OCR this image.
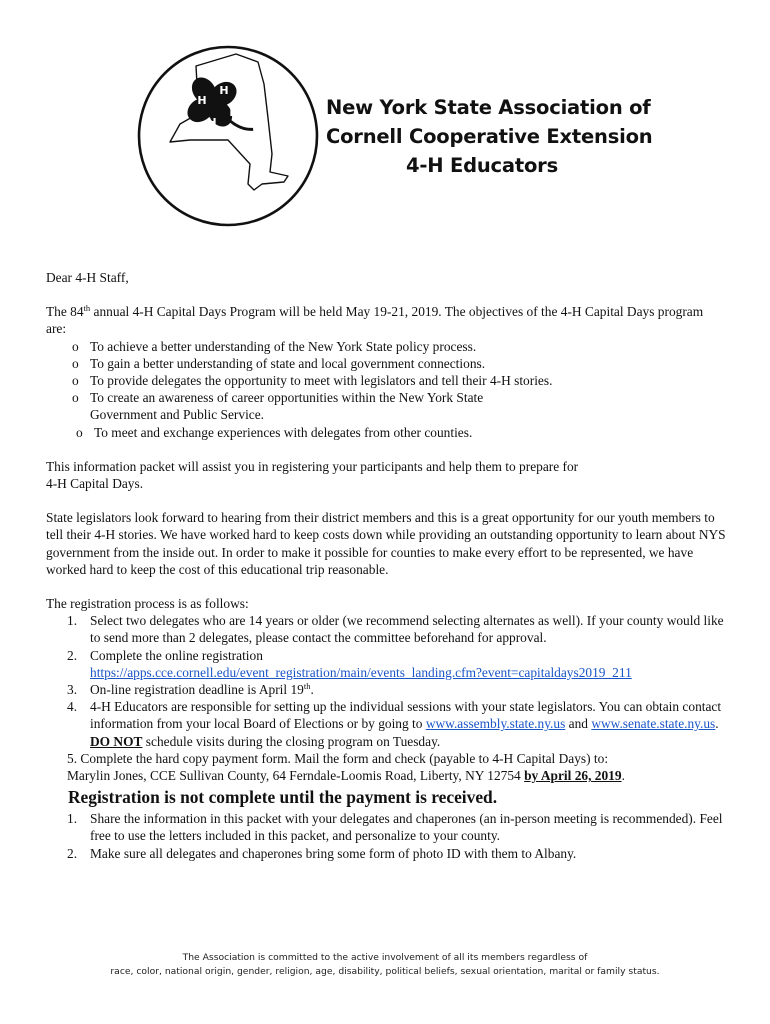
H
H
H
H	New York State Association of
Cornell Cooperative Extension
4-H Educators

Dear 4-H Staff,

The 84th annual 4-H Capital Days Program will be held May 19-21, 2019. The objectives of the 4-H Capital Days program are:

o To achieve a better understanding of the New York State policy process.
o To gain a better understanding of state and local government connections.
o To provide delegates the opportunity to meet with legislators and tell their 4-H stories.
o To create an awareness of career opportunities within the New York State Government and Public Service.
o To meet and exchange experiences with delegates from other counties.

This information packet will assist you in registering your participants and help them to prepare for

4-H Capital Days.

State legislators look forward to hearing from their district members and this is a great opportunity for our youth members to tell their 4-H stories. We have worked hard to keep costs down while providing an outstanding opportunity to learn about NYS government from the inside out. In order to make it possible for counties to make every effort to be represented, we have worked hard to keep the cost of this educational trip reasonable.

The registration process is as follows:

1. Select two delegates who are 14 years or older (we recommend selecting alternates as well). If your county would like to send more than 2 delegates, please contact the committee beforehand for approval.
2. Complete the online registration
https://apps.cce.cornell.edu/event_registration/main/events_landing.cfm?event=capitaldays2019_211
3. On-line registration deadline is April 19th.
4. 4-H Educators are responsible for setting up the individual sessions with your state legislators. You can obtain contact information from your local Board of Elections or by going to www.assembly.state.ny.us and www.senate.state.ny.us. DO NOT schedule visits during the closing program on Tuesday.

5. Complete the hard copy payment form. Mail the form and check (payable to 4-H Capital Days) to:

Marylin Jones, CCE Sullivan County, 64 Ferndale-Loomis Road, Liberty, NY 12754 by April 26, 2019.

Registration is not complete until the payment is received.

1. Share the information in this packet with your delegates and chaperones (an in-person meeting is recommended). Feel free to use the letters included in this packet, and personalize to your county.
2. Make sure all delegates and chaperones bring some form of photo ID with them to Albany.
The Association is committed to the active involvement of all its members regardless of
race, color, national origin, gender, religion, age, disability, political beliefs, sexual orientation, marital or family status.
